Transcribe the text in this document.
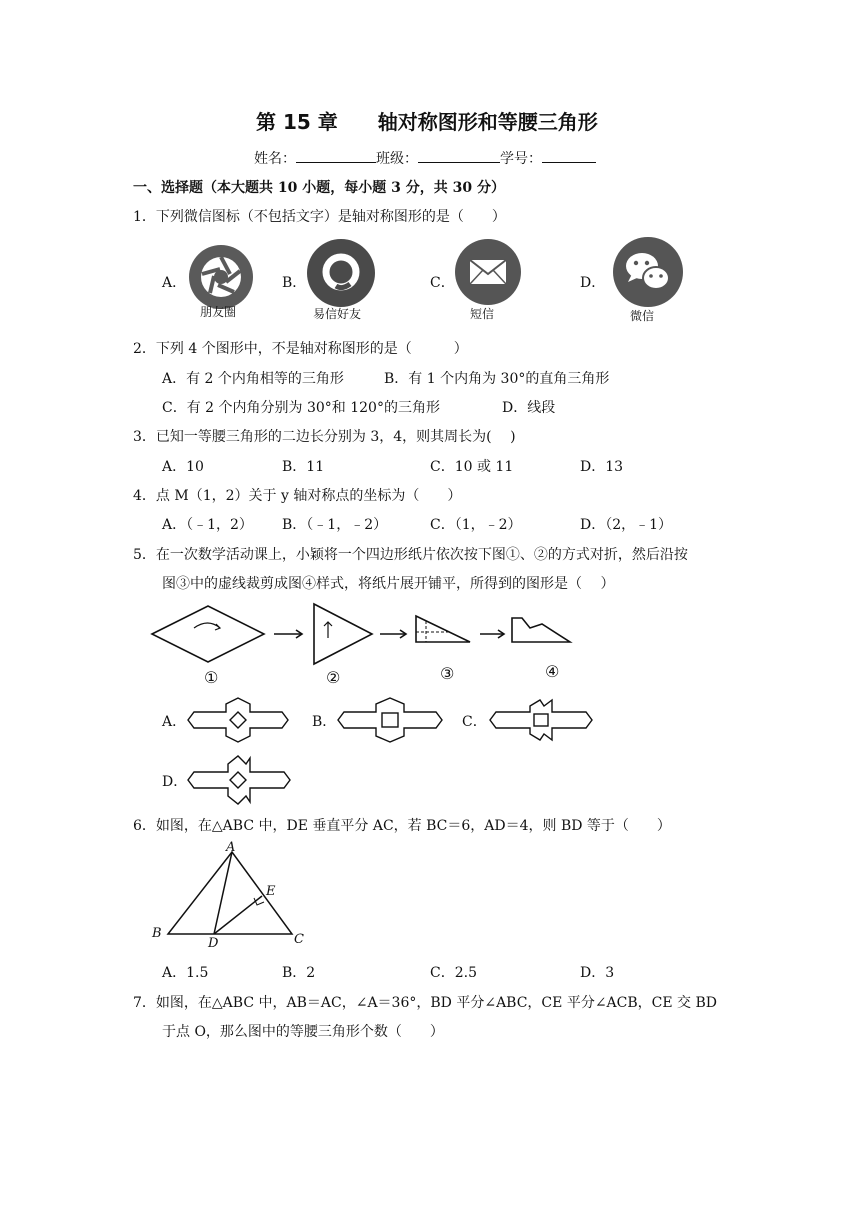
第 15 章 轴对称图形和等腰三角形
姓名：	班级：	学号：
一、选择题（本大题共 10 小题，每小题 3 分，共 30 分）
1．下列微信图标（不包括文字）是轴对称图形的是（　　）
A．
朋友圈
B．
易信好友
C．
短信
D．
微信
2．下列 4 个图形中，不是轴对称图形的是（　　　）
A．有 2 个内角相等的三角形	B．有 1 个内角为 30°的直角三角形
C．有 2 个内角分别为 30°和 120°的三角形	D．线段
3．已知一等腰三角形的二边长分别为 3，4，则其周长为(　 )
A．10	B．11	C．10 或 11	D．13
4．点 M（1，2）关于 y 轴对称点的坐标为（　　）
A．（﹣1，2） B．（﹣1，﹣2）	C．（1，﹣2）	D．（2，﹣1）
5．在一次数学活动课上，小颖将一个四边形纸片依次按下图①、②的方式对折，然后沿按
图③中的虚线裁剪成图④样式，将纸片展开铺平，所得到的图形是（　 ）
①	②	③	④
A．	B．	C．
D．
6．如图，在△ABC 中，DE 垂直平分 AC，若 BC＝6，AD＝4，则 BD 等于（　　）
A
B	C
D
E
A．1.5	B．2	C．2.5	D．3
7．如图，在△ABC 中，AB＝AC，∠A＝36°，BD 平分∠ABC，CE 平分∠ACB，CE 交 BD
于点 O，那么图中的等腰三角形个数（　　）
